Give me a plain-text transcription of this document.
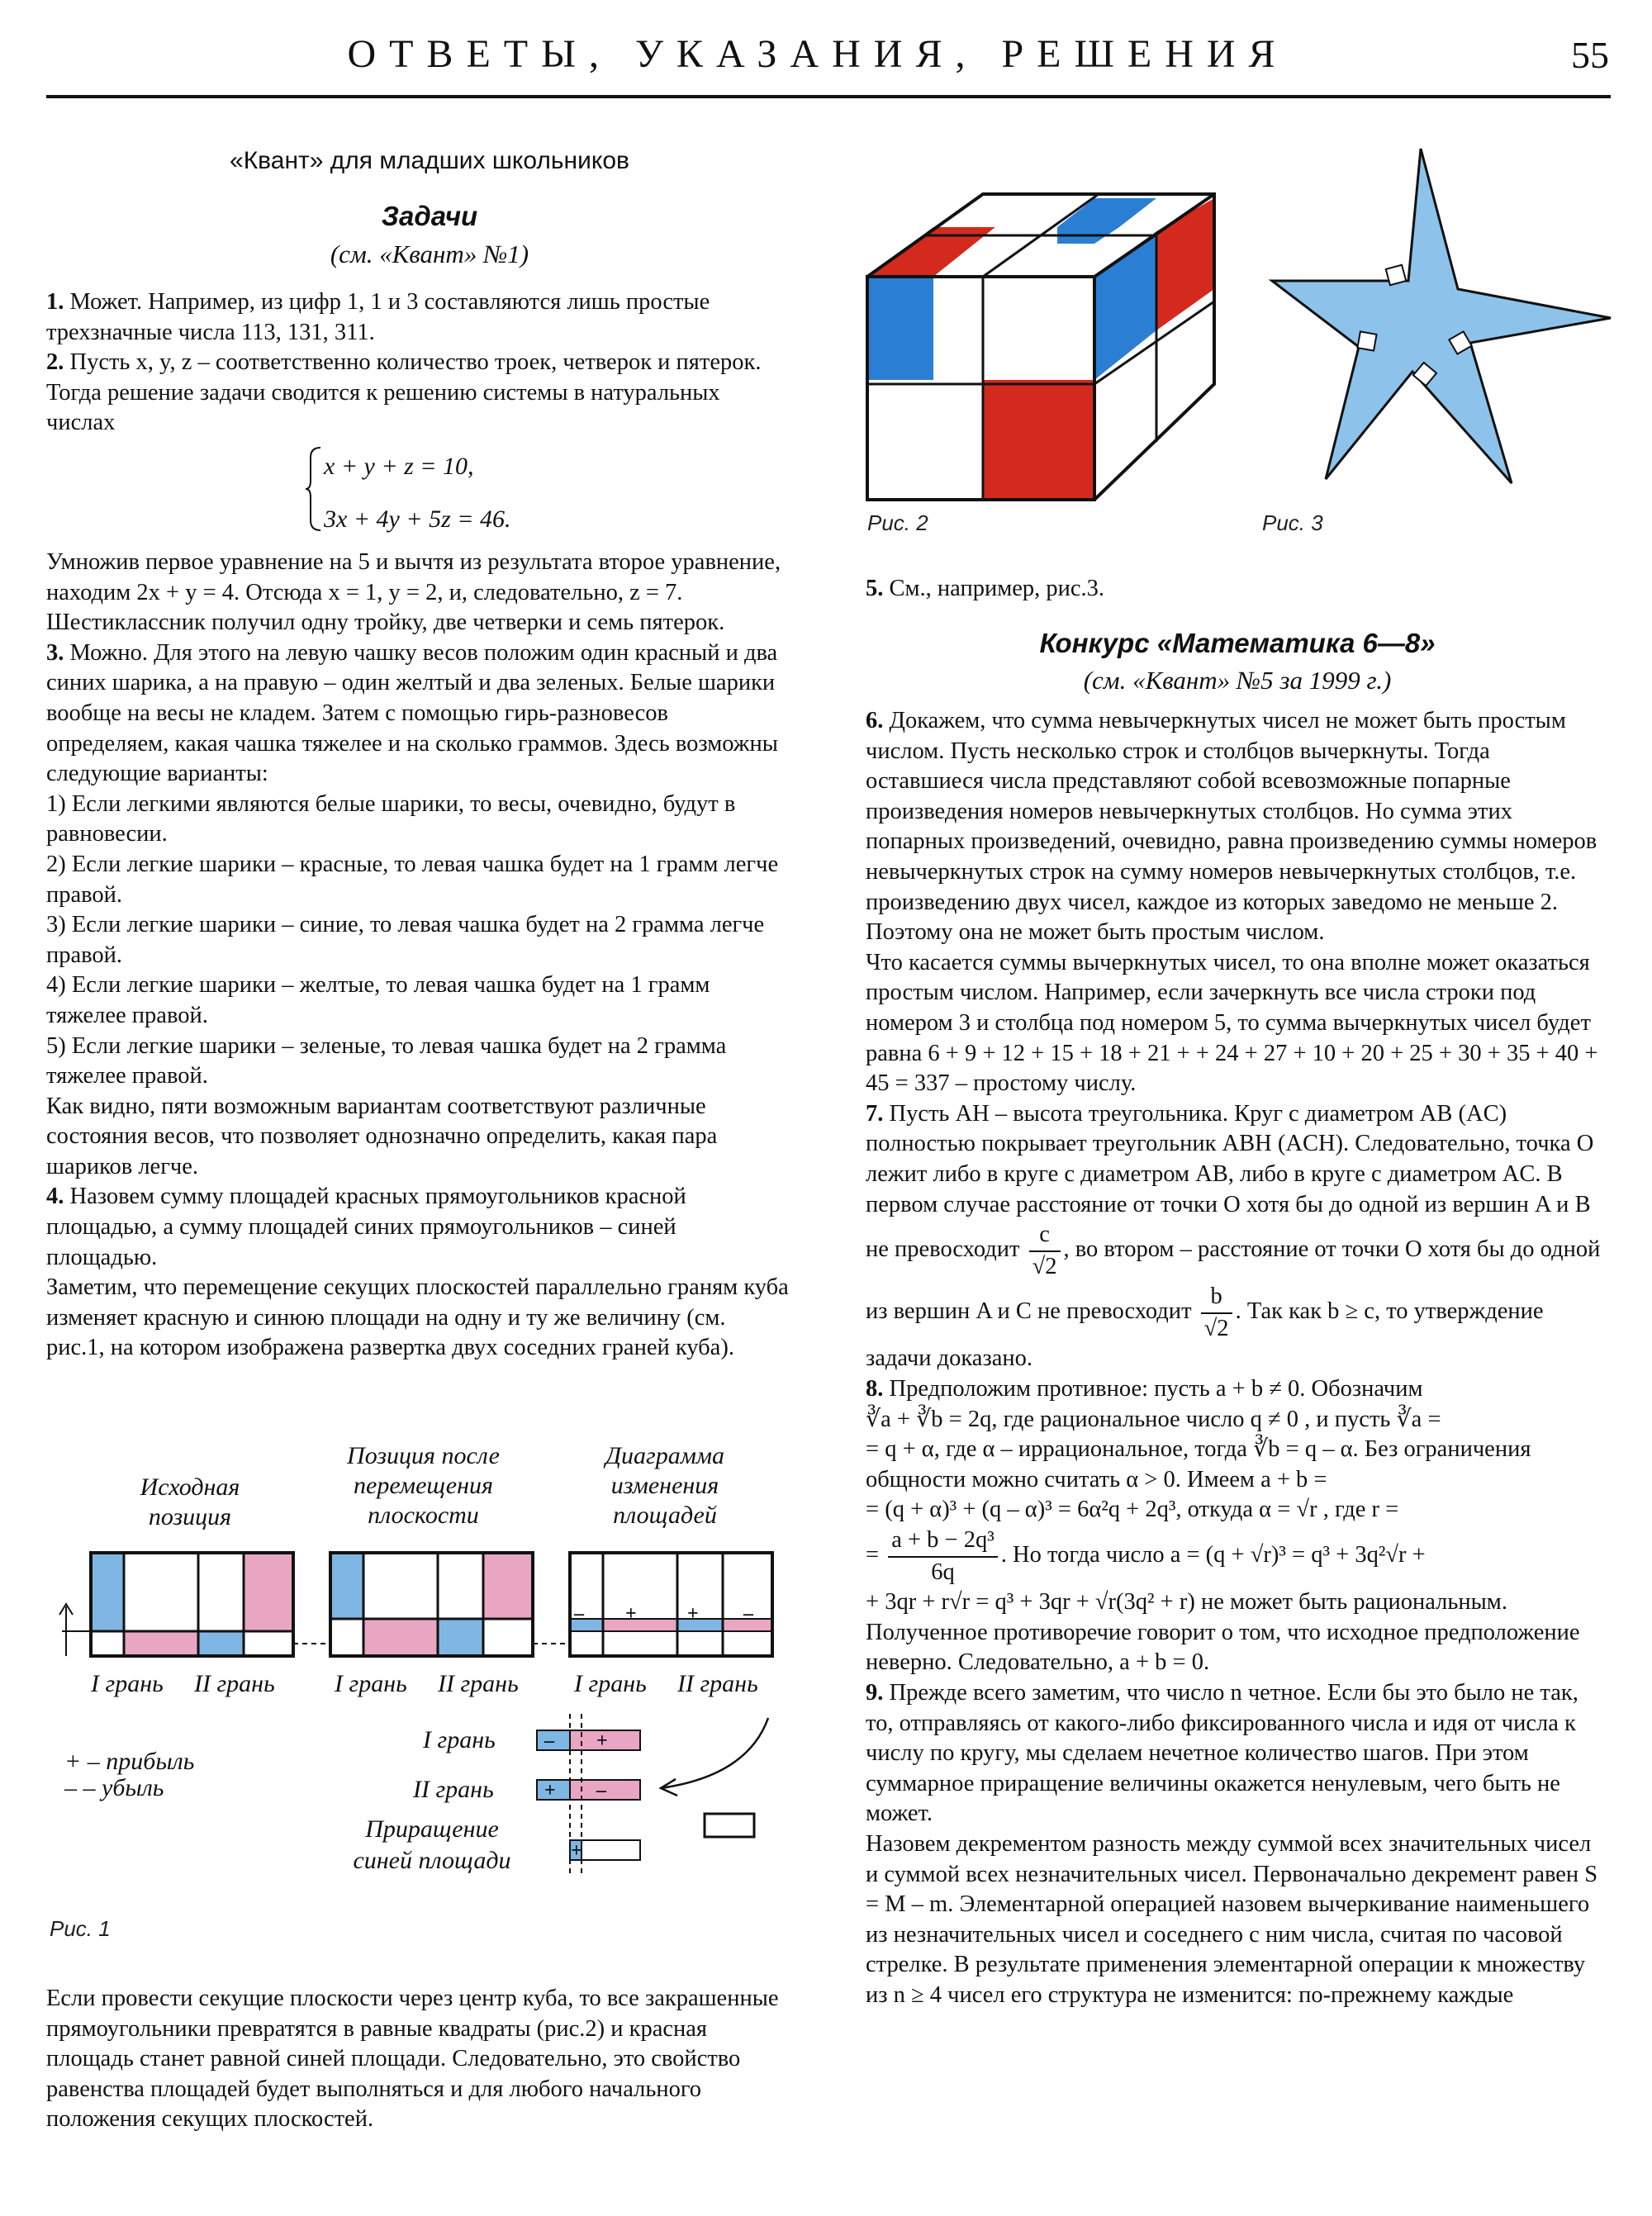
ОТВЕТЫ, УКАЗАНИЯ, РЕШЕНИЯ	55
«Квант» для младших школьников
Задачи
(см. «Квант» №1)

1. Может. Например, из цифр 1, 1 и 3 составляются лишь простые трехзначные числа 113, 131, 311.

2. Пусть x, y, z – соответственно количество троек, четверок и пятерок. Тогда решение задачи сводится к решению системы в натуральных числах

x + y + z = 10,
3x + 4y + 5z = 46.

Умножив первое уравнение на 5 и вычтя из результата второе уравнение, находим 2x + y = 4. Отсюда x = 1, y = 2, и, следовательно, z = 7. Шестиклассник получил одну тройку, две четверки и семь пятерок.

3. Можно. Для этого на левую чашку весов положим один красный и два синих шарика, а на правую – один желтый и два зеленых. Белые шарики вообще на весы не кладем. Затем с помощью гирь-разновесов определяем, какая чашка тяжелее и на сколько граммов. Здесь возможны следующие варианты:

1) Если легкими являются белые шарики, то весы, очевидно, будут в равновесии.

2) Если легкие шарики – красные, то левая чашка будет на 1 грамм легче правой.

3) Если легкие шарики – синие, то левая чашка будет на 2 грамма легче правой.

4) Если легкие шарики – желтые, то левая чашка будет на 1 грамм тяжелее правой.

5) Если легкие шарики – зеленые, то левая чашка будет на 2 грамма тяжелее правой.

Как видно, пяти возможным вариантам соответствуют различные состояния весов, что позволяет однозначно определить, какая пара шариков легче.

4. Назовем сумму площадей красных прямоугольников красной площадью, а сумму площадей синих прямоугольников – синей площадью.

Заметим, что перемещение секущих плоскостей параллельно граням куба изменяет красную и синюю площади на одну и ту же величину (см. рис.1, на котором изображена развертка двух соседних граней куба).

Исходная позиция
Позиция после перемещения плоскости
Диаграмма изменения площадей
– +	+ –
I грань II грань I грань II грань I грань II грань
+ – прибыль
– – убыль
I грань
II грань
Приращение синей площади
– +
+ –
+
Рис. 1

Если провести секущие плоскости через центр куба, то все закрашенные прямоугольники превратятся в равные квадраты (рис.2) и красная площадь станет равной синей площади. Следовательно, это свойство равенства площадей будет выполняться и для любого начального положения секущих плоскостей.

Рис. 2	Рис. 3

5. См., например, рис.3.

Конкурс «Математика 6—8»
(см. «Квант» №5 за 1999 г.)

6. Докажем, что сумма невычеркнутых чисел не может быть простым числом. Пусть несколько строк и столбцов вычеркнуты. Тогда оставшиеся числа представляют собой всевозможные попарные произведения номеров невычеркнутых столбцов. Но сумма этих попарных произведений, очевидно, равна произведению суммы номеров невычеркнутых строк на сумму номеров невычеркнутых столбцов, т.е. произведению двух чисел, каждое из которых заведомо не меньше 2. Поэтому она не может быть простым числом.

Что касается суммы вычеркнутых чисел, то она вполне может оказаться простым числом. Например, если зачеркнуть все числа строки под номером 3 и столбца под номером 5, то сумма вычеркнутых чисел будет равна 6 + 9 + 12 + 15 + 18 + 21 + + 24 + 27 + 10 + 20 + 25 + 30 + 35 + 40 + 45 = 337 – простому числу.

7. Пусть AH – высота треугольника. Круг с диаметром AB (AC) полностью покрывает треугольник ABH (ACH). Следовательно, точка O лежит либо в круге с диаметром AB, либо в круге с диаметром AC. В первом случае расстояние от точки O хотя бы до одной из вершин A и B не превосходит $\frac{c}{√2}$ , во втором – расстояние от точки O хотя бы до одной из вершин A и C не превосходит $\frac{b}{√2}$ . Так как b ≥ c, то утверждение задачи доказано.

8. Предположим противное: пусть a + b ≠ 0. Обозначим

∛a + ∛b = 2q, где рациональное число q ≠ 0 , и пусть ∛a =

= q + α, где α – иррациональное, тогда ∛b = q – α. Без ограничения общности можно считать α > 0. Имеем a + b =

= (q + α)³ + (q – α)³ = 6α²q + 2q³, откуда α = √r , где r =

= $\frac{\text{a + b − 2q³}}{6q}$ . Но тогда число a = (q + √r)³ = q³ + 3q²√r +

+ 3qr + r√r = q³ + 3qr + √r(3q² + r) не может быть рациональным. Полученное противоречие говорит о том, что исходное предположение неверно. Следовательно, a + b = 0.

9. Прежде всего заметим, что число n четное. Если бы это было не так, то, отправляясь от какого-либо фиксированного числа и идя от числа к числу по кругу, мы сделаем нечетное количество шагов. При этом суммарное приращение величины окажется ненулевым, чего быть не может.

Назовем декрементом разность между суммой всех значительных чисел и суммой всех незначительных чисел. Первоначально декремент равен S = M – m. Элементарной операцией назовем вычеркивание наименьшего из незначительных чисел и соседнего с ним числа, считая по часовой стрелке. В результате применения элементарной операции к множеству из n ≥ 4 чисел его структура не изменится: по-прежнему каждые
